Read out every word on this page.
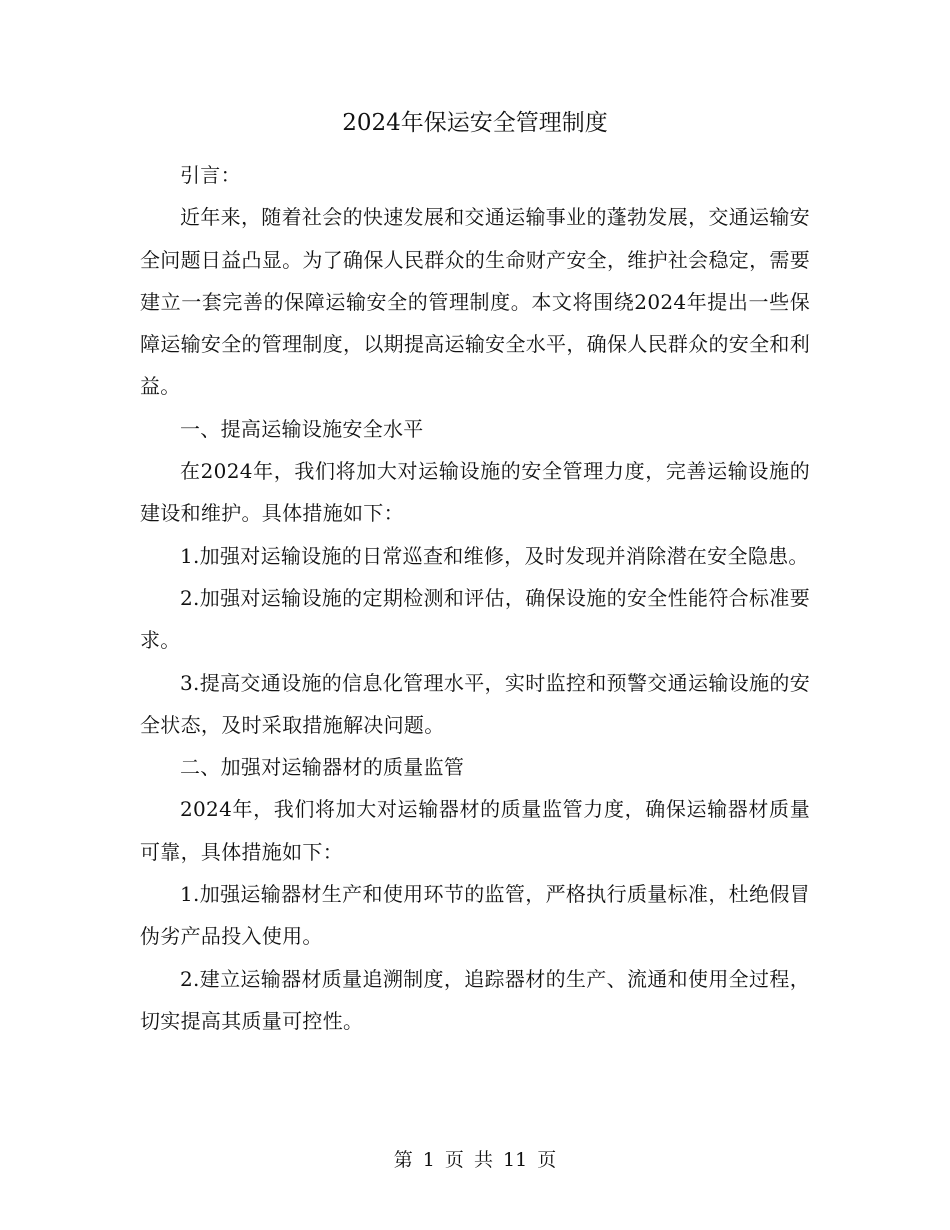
2024年保运安全管理制度

引言：

近年来，随着社会的快速发展和交通运输事业的蓬勃发展，交通运输安全问题日益凸显。为了确保人民群众的生命财产安全，维护社会稳定，需要建立一套完善的保障运输安全的管理制度。本文将围绕2024年提出一些保障运输安全的管理制度，以期提高运输安全水平，确保人民群众的安全和利益。

一、提高运输设施安全水平

在2024年，我们将加大对运输设施的安全管理力度，完善运输设施的建设和维护。具体措施如下：

1.加强对运输设施的日常巡查和维修，及时发现并消除潜在安全隐患。

2.加强对运输设施的定期检测和评估，确保设施的安全性能符合标准要求。

3.提高交通设施的信息化管理水平，实时监控和预警交通运输设施的安全状态，及时采取措施解决问题。

二、加强对运输器材的质量监管

2024年，我们将加大对运输器材的质量监管力度，确保运输器材质量可靠，具体措施如下：

1.加强运输器材生产和使用环节的监管，严格执行质量标准，杜绝假冒伪劣产品投入使用。

2.建立运输器材质量追溯制度，追踪器材的生产、流通和使用全过程，切实提高其质量可控性。

第 1 页 共 11 页
